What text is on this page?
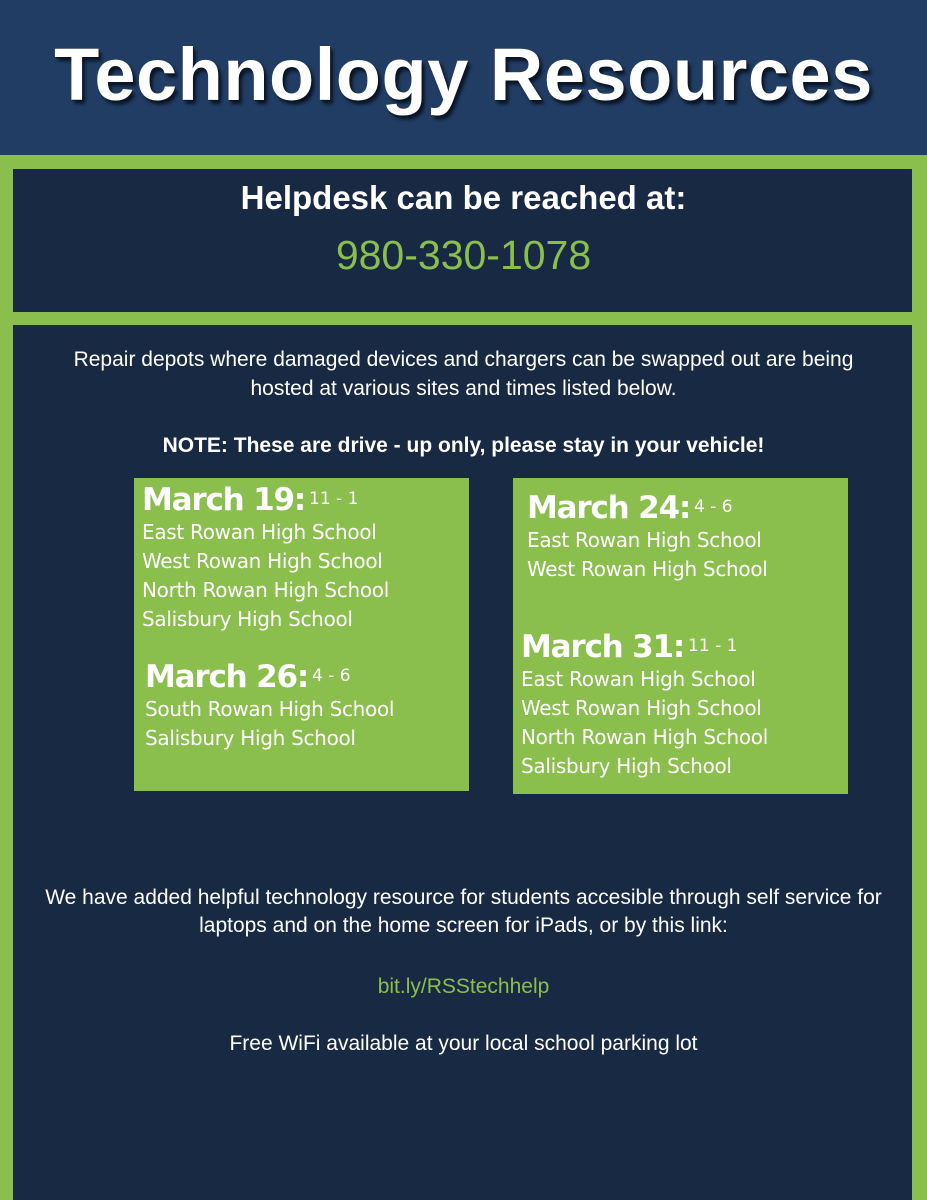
Technology Resources
Helpdesk can be reached at:
980-330-1078
Repair depots where damaged devices and chargers can be swapped out are being hosted at various sites and times listed below.
NOTE: These are drive - up only, please stay in your vehicle!
March 19: 11 - 1
East Rowan High School
West Rowan High School
North Rowan High School
Salisbury High School
March 26: 4 - 6
South Rowan High School
Salisbury High School
March 24: 4 - 6
East Rowan High School
West Rowan High School
March 31: 11 - 1
East Rowan High School
West Rowan High School
North Rowan High School
Salisbury High School
We have added helpful technology resource for students accesible through self service for laptops and on the home screen for iPads, or by this link:
bit.ly/RSStechhelp
Free WiFi available at your local school parking lot
